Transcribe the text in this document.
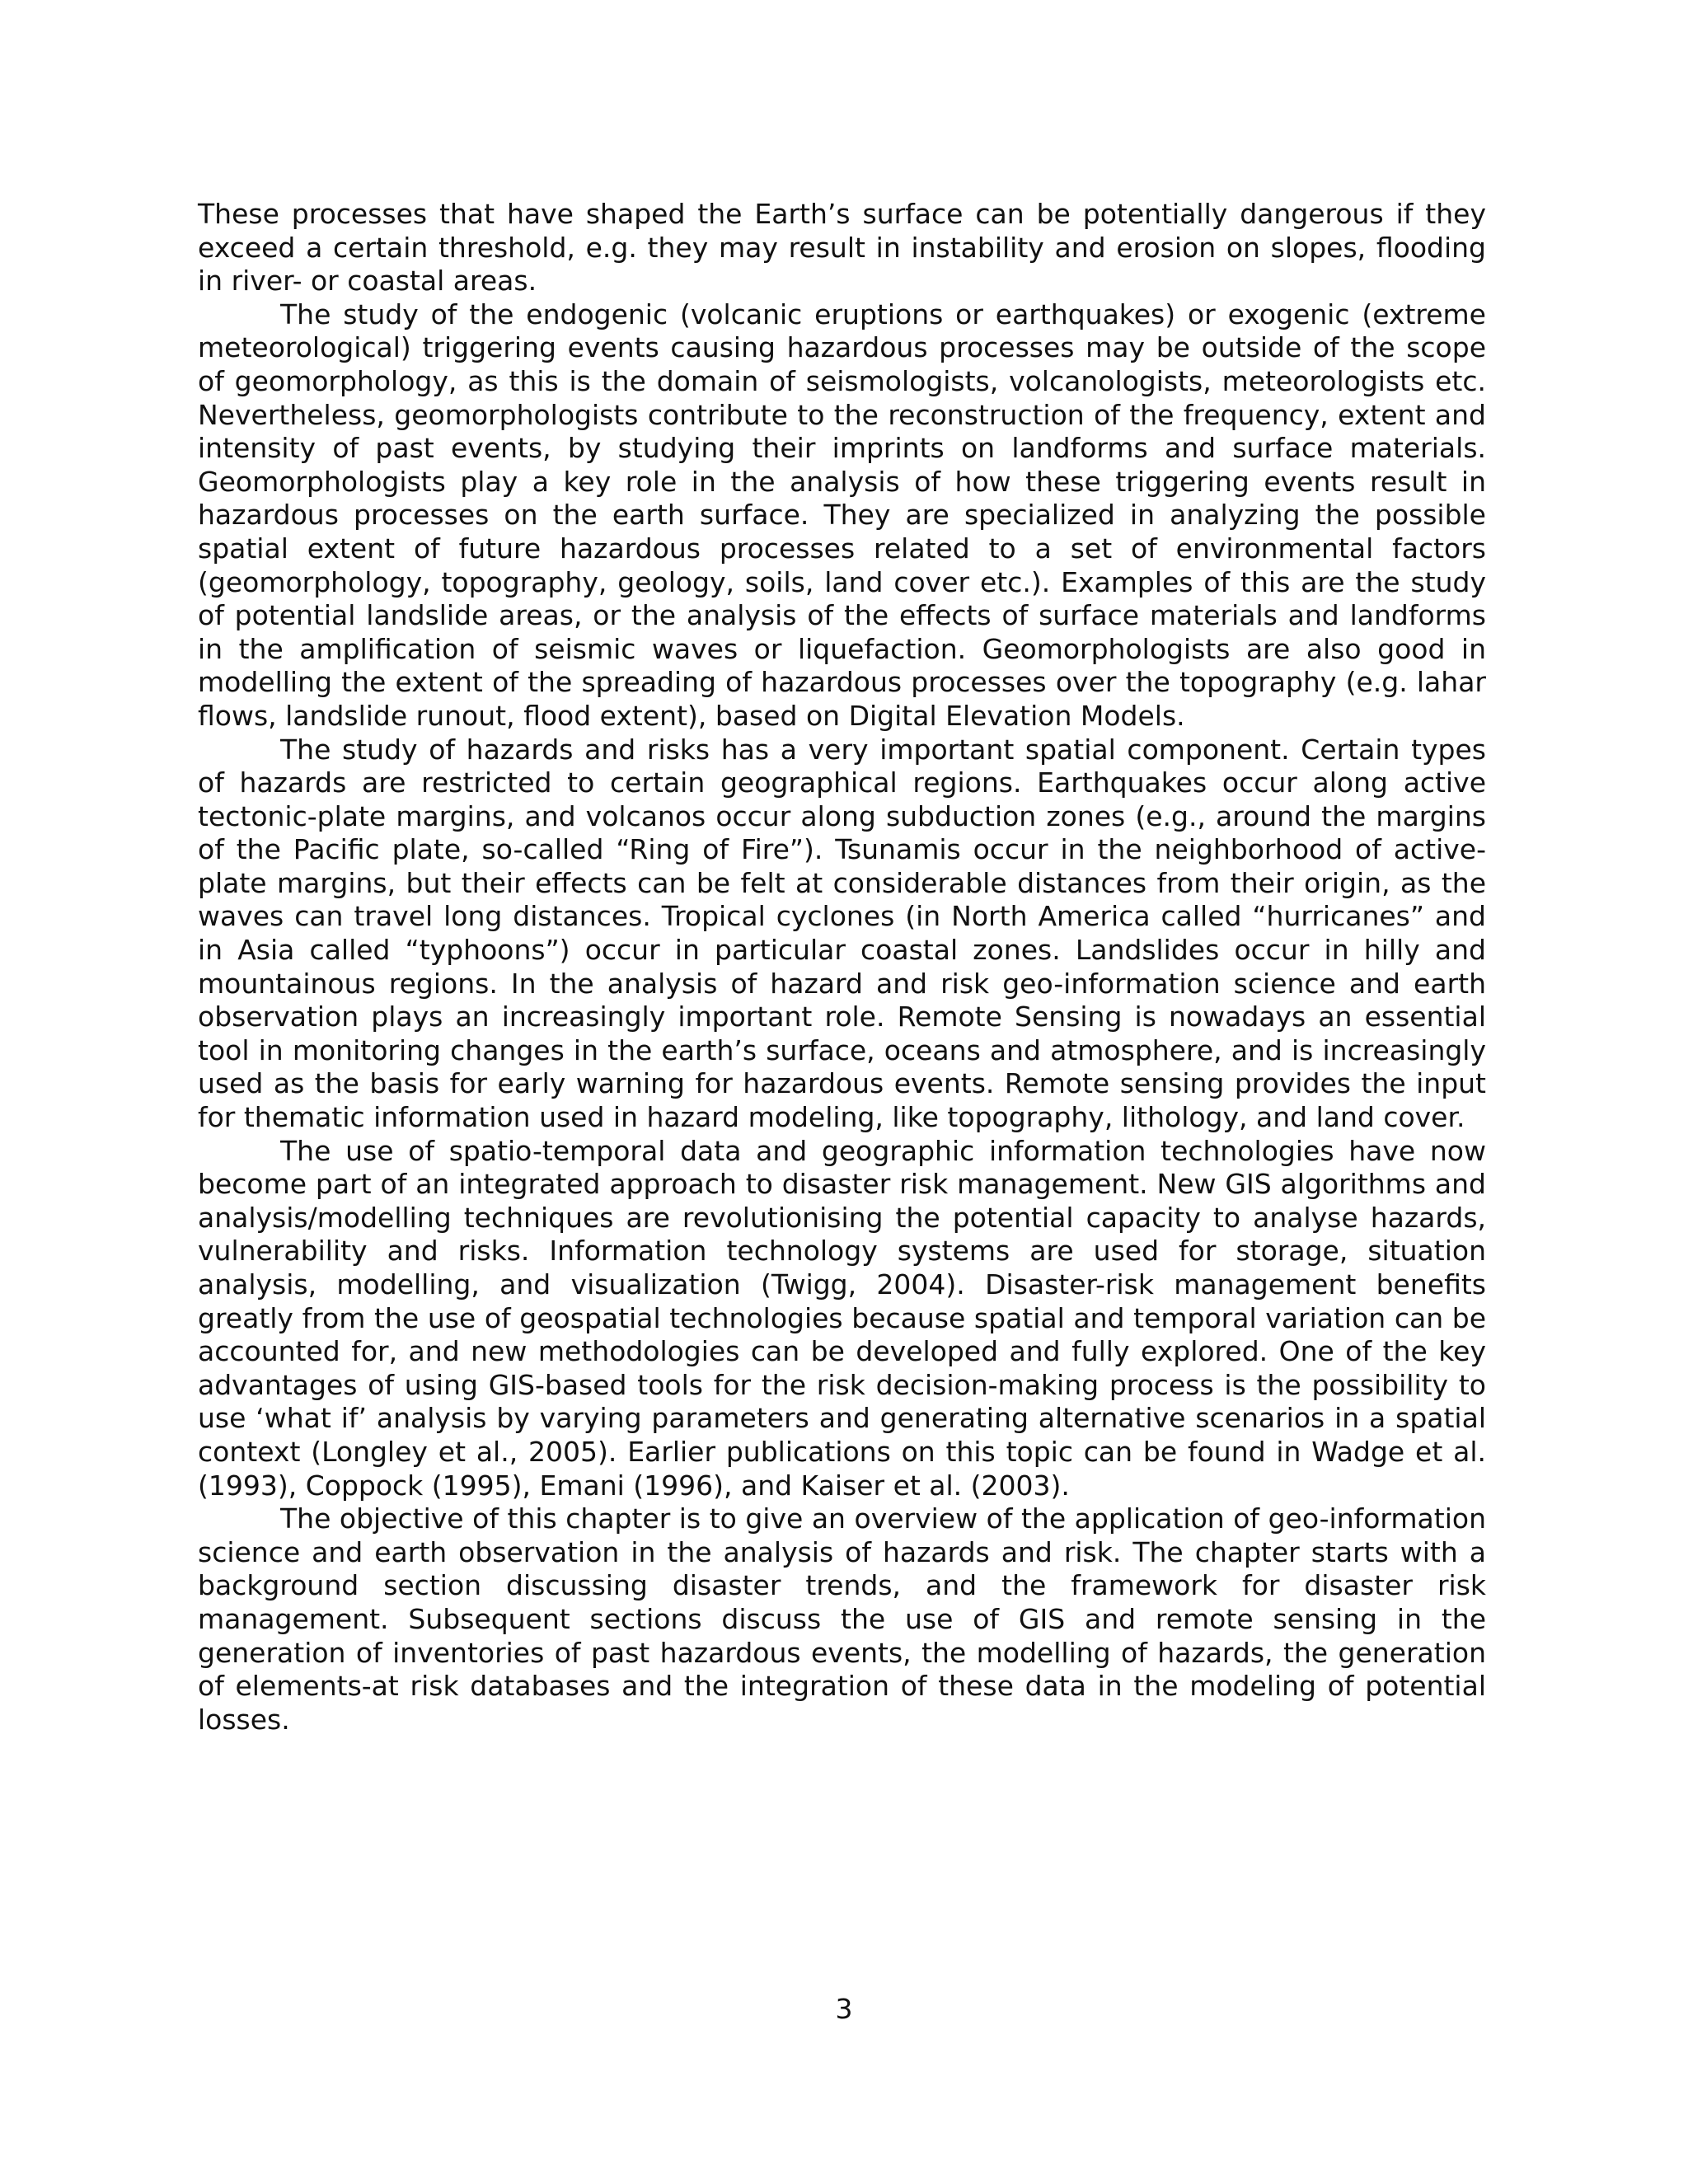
These processes that have shaped the Earth’s surface can be potentially dangerous if they exceed a certain threshold, e.g. they may result in instability and erosion on slopes, flooding in river- or coastal areas.

The study of the endogenic (volcanic eruptions or earthquakes) or exogenic (extreme meteorological) triggering events causing hazardous processes may be outside of the scope of geomorphology, as this is the domain of seismologists, volcanologists, meteorologists etc. Nevertheless, geomorphologists contribute to the reconstruction of the frequency, extent and intensity of past events, by studying their imprints on landforms and surface materials. Geomorphologists play a key role in the analysis of how these triggering events result in hazardous processes on the earth surface. They are specialized in analyzing the possible spatial extent of future hazardous processes related to a set of environmental factors (geomorphology, topography, geology, soils, land cover etc.). Examples of this are the study of potential landslide areas, or the analysis of the effects of surface materials and landforms in the amplification of seismic waves or liquefaction. Geomorphologists are also good in modelling the extent of the spreading of hazardous processes over the topography (e.g. lahar flows, landslide runout, flood extent), based on Digital Elevation Models.

The study of hazards and risks has a very important spatial component. Certain types of hazards are restricted to certain geographical regions. Earthquakes occur along active tectonic-plate margins, and volcanos occur along subduction zones (e.g., around the margins of the Pacific plate, so-called “Ring of Fire”). Tsunamis occur in the neighborhood of active-plate margins, but their effects can be felt at considerable distances from their origin, as the waves can travel long distances. Tropical cyclones (in North America called “hurricanes” and in Asia called “typhoons”) occur in particular coastal zones. Landslides occur in hilly and mountainous regions. In the analysis of hazard and risk geo-information science and earth observation plays an increasingly important role. Remote Sensing is nowadays an essential tool in monitoring changes in the earth’s surface, oceans and atmosphere, and is increasingly used as the basis for early warning for hazardous events. Remote sensing provides the input for thematic information used in hazard modeling, like topography, lithology, and land cover.

The use of spatio-temporal data and geographic information technologies have now become part of an integrated approach to disaster risk management. New GIS algorithms and analysis/modelling techniques are revolutionising the potential capacity to analyse hazards, vulnerability and risks. Information technology systems are used for storage, situation analysis, modelling, and visualization (Twigg, 2004). Disaster-risk management benefits greatly from the use of geospatial technologies because spatial and temporal variation can be accounted for, and new methodologies can be developed and fully explored. One of the key advantages of using GIS-based tools for the risk decision-making process is the possibility to use ‘what if’ analysis by varying parameters and generating alternative scenarios in a spatial context (Longley et al., 2005). Earlier publications on this topic can be found in Wadge et al. (1993), Coppock (1995), Emani (1996), and Kaiser et al. (2003).

The objective of this chapter is to give an overview of the application of geo-information science and earth observation in the analysis of hazards and risk. The chapter starts with a background section discussing disaster trends, and the framework for disaster risk management. Subsequent sections discuss the use of GIS and remote sensing in the generation of inventories of past hazardous events, the modelling of hazards, the generation of elements-at risk databases and the integration of these data in the modeling of potential losses.

3
